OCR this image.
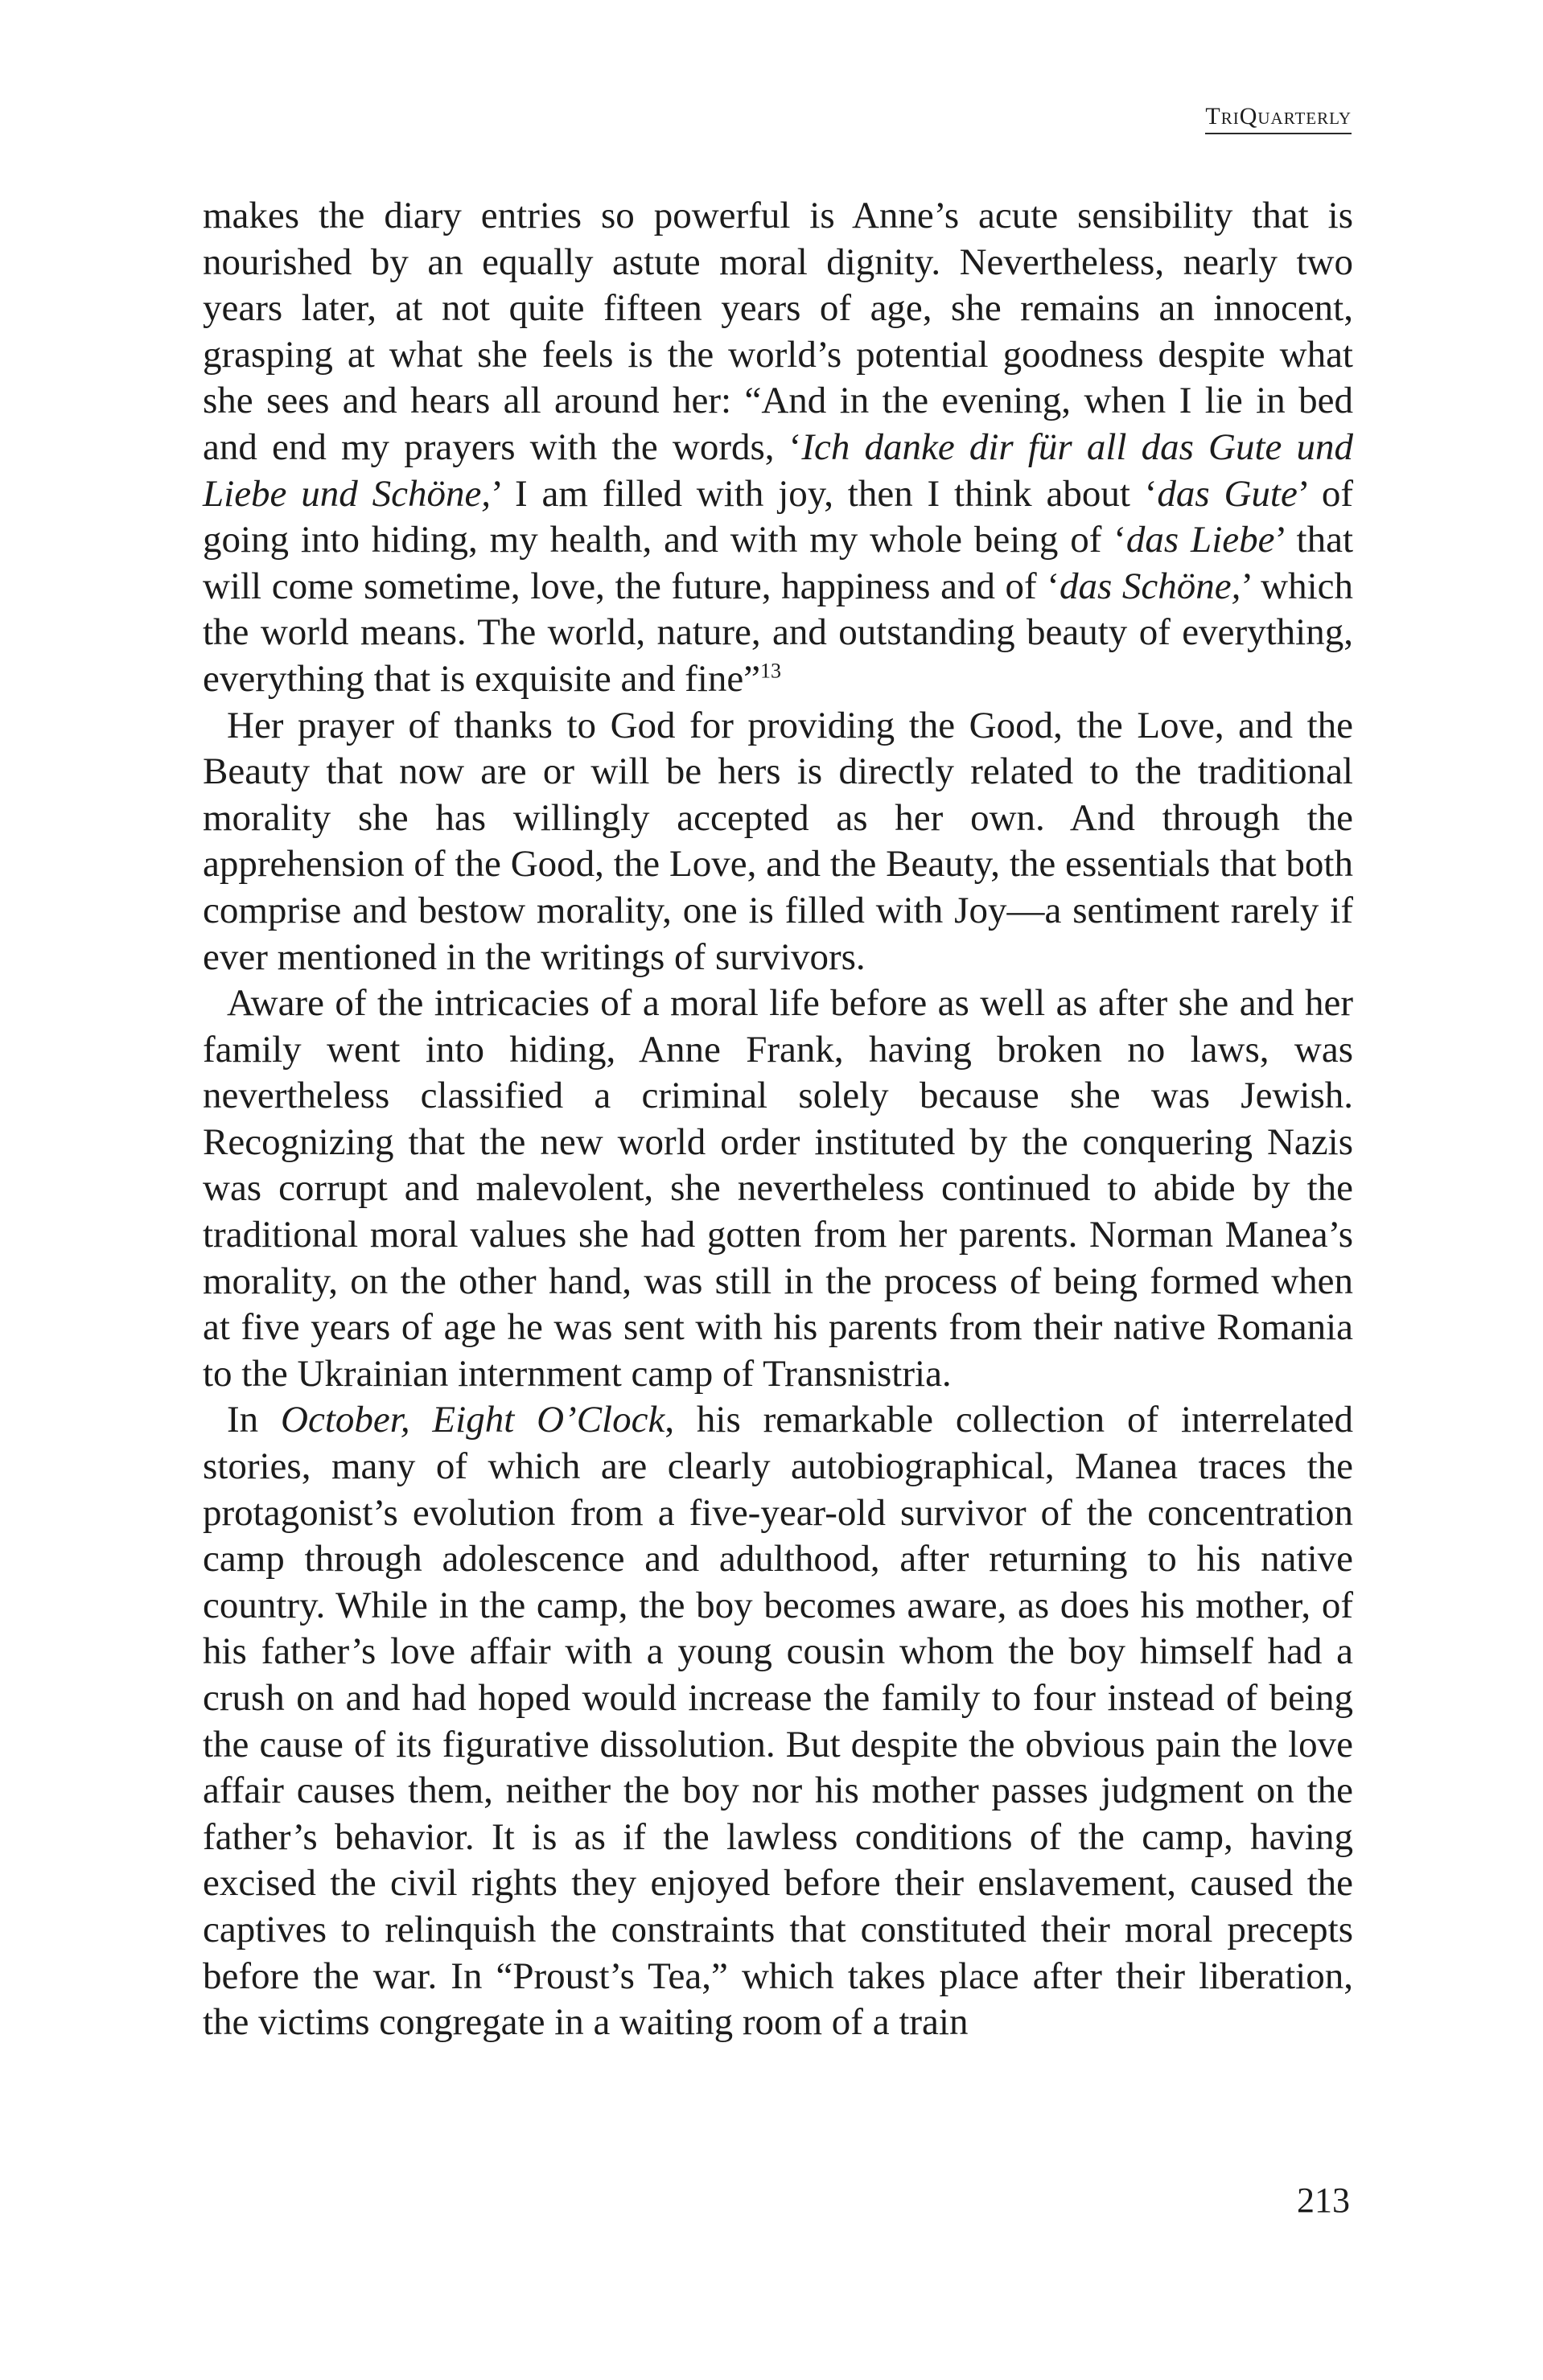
TriQuarterly

makes the diary entries so powerful is Anne’s acute sensibility that is nourished by an equally astute moral dignity. Nevertheless, nearly two years later, at not quite fifteen years of age, she remains an innocent, grasping at what she feels is the world’s potential goodness despite what she sees and hears all around her: “And in the evening, when I lie in bed and end my prayers with the words, ‘Ich danke dir für all das Gute und Liebe und Schöne,’ I am filled with joy, then I think about ‘das Gute’ of going into hiding, my health, and with my whole being of ‘das Liebe’ that will come sometime, love, the future, happiness and of ‘das Schöne,’ which the world means. The world, nature, and outstanding beauty of everything, everything that is exquisite and fine”$^{13}$

Her prayer of thanks to God for providing the Good, the Love, and the Beauty that now are or will be hers is directly related to the traditional morality she has willingly accepted as her own. And through the apprehension of the Good, the Love, and the Beauty, the essentials that both comprise and bestow morality, one is filled with Joy—a sentiment rarely if ever mentioned in the writings of survivors.

Aware of the intricacies of a moral life before as well as after she and her family went into hiding, Anne Frank, having broken no laws, was nevertheless classified a criminal solely because she was Jewish. Recognizing that the new world order instituted by the conquering Nazis was corrupt and malevolent, she nevertheless continued to abide by the traditional moral values she had gotten from her parents. Norman Manea’s morality, on the other hand, was still in the process of being formed when at five years of age he was sent with his parents from their native Romania to the Ukrainian internment camp of Transnistria.

In October, Eight O’Clock, his remarkable collection of interrelated stories, many of which are clearly autobiographical, Manea traces the protagonist’s evolution from a five-year-old survivor of the concentration camp through adolescence and adulthood, after returning to his native country. While in the camp, the boy becomes aware, as does his mother, of his father’s love affair with a young cousin whom the boy himself had a crush on and had hoped would increase the family to four instead of being the cause of its figurative dissolution. But despite the obvious pain the love affair causes them, neither the boy nor his mother passes judgment on the father’s behavior. It is as if the lawless conditions of the camp, having excised the civil rights they enjoyed before their enslavement, caused the captives to relinquish the constraints that constituted their moral precepts before the war. In “Proust’s Tea,” which takes place after their liberation, the victims congregate in a waiting room of a train

213
